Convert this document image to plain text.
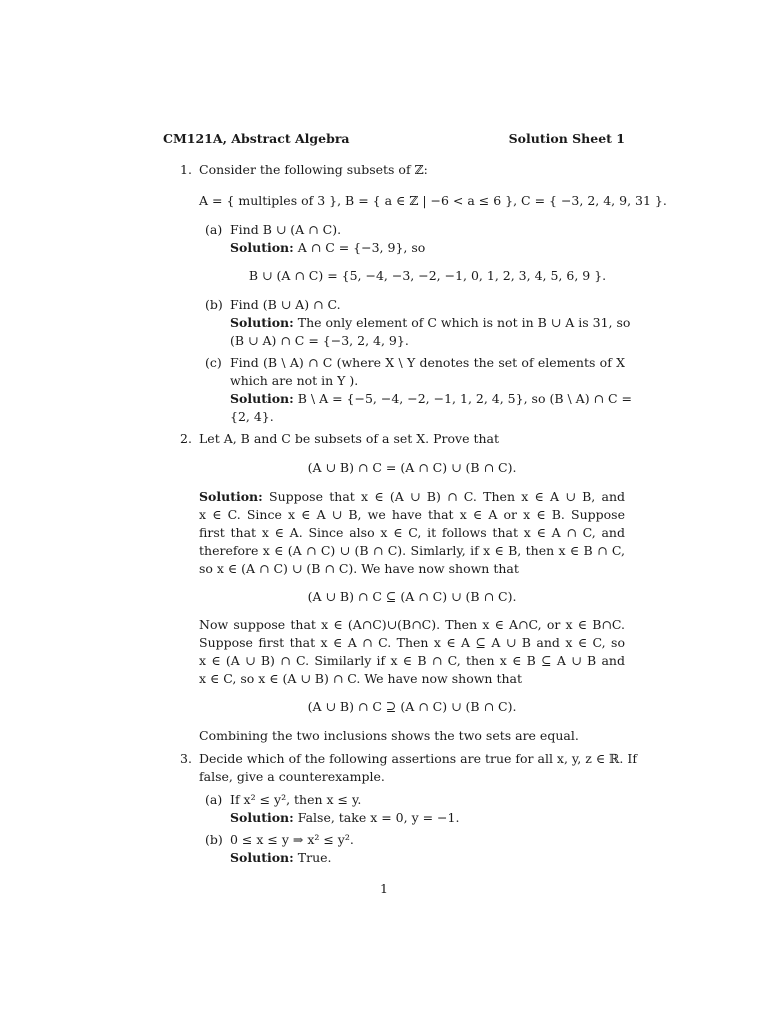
CM121A, Abstract Algebra	Solution Sheet 1
1. Consider the following subsets of ℤ:
A = { multiples of 3 }, B = { a ∈ ℤ | −6 < a ≤ 6 }, C = { −3, 2, 4, 9, 31 }.
(a) Find B ∪ (A ∩ C).
Solution: A ∩ C = {−3, 9}, so
B ∪ (A ∩ C) = {5, −4, −3, −2, −1, 0, 1, 2, 3, 4, 5, 6, 9 }.
(b) Find (B ∪ A) ∩ C.
Solution: The only element of C which is not in B ∪ A is 31, so
(B ∪ A) ∩ C = {−3, 2, 4, 9}.
(c) Find (B \ A) ∩ C (where X \ Y denotes the set of elements of X
which are not in Y ).
Solution: B \ A = {−5, −4, −2, −1, 1, 2, 4, 5}, so (B \ A) ∩ C =
{2, 4}.
2. Let A, B and C be subsets of a set X. Prove that
(A ∪ B) ∩ C = (A ∩ C) ∪ (B ∩ C).
Solution: Suppose that x ∈ (A ∪ B) ∩ C. Then x ∈ A ∪ B, and
x ∈ C. Since x ∈ A ∪ B, we have that x ∈ A or x ∈ B. Suppose
first that x ∈ A. Since also x ∈ C, it follows that x ∈ A ∩ C, and
therefore x ∈ (A ∩ C) ∪ (B ∩ C). Simlarly, if x ∈ B, then x ∈ B ∩ C,
so x ∈ (A ∩ C) ∪ (B ∩ C). We have now shown that
(A ∪ B) ∩ C ⊆ (A ∩ C) ∪ (B ∩ C).
Now suppose that x ∈ (A∩C)∪(B∩C). Then x ∈ A∩C, or x ∈ B∩C.
Suppose first that x ∈ A ∩ C. Then x ∈ A ⊆ A ∪ B and x ∈ C, so
x ∈ (A ∪ B) ∩ C. Similarly if x ∈ B ∩ C, then x ∈ B ⊆ A ∪ B and
x ∈ C, so x ∈ (A ∪ B) ∩ C. We have now shown that
(A ∪ B) ∩ C ⊇ (A ∩ C) ∪ (B ∩ C).
Combining the two inclusions shows the two sets are equal.
3. Decide which of the following assertions are true for all x, y, z ∈ ℝ. If
false, give a counterexample.
(a) If x² ≤ y², then x ≤ y.
Solution: False, take x = 0, y = −1.
(b) 0 ≤ x ≤ y ⇒ x² ≤ y².
Solution: True.
1
